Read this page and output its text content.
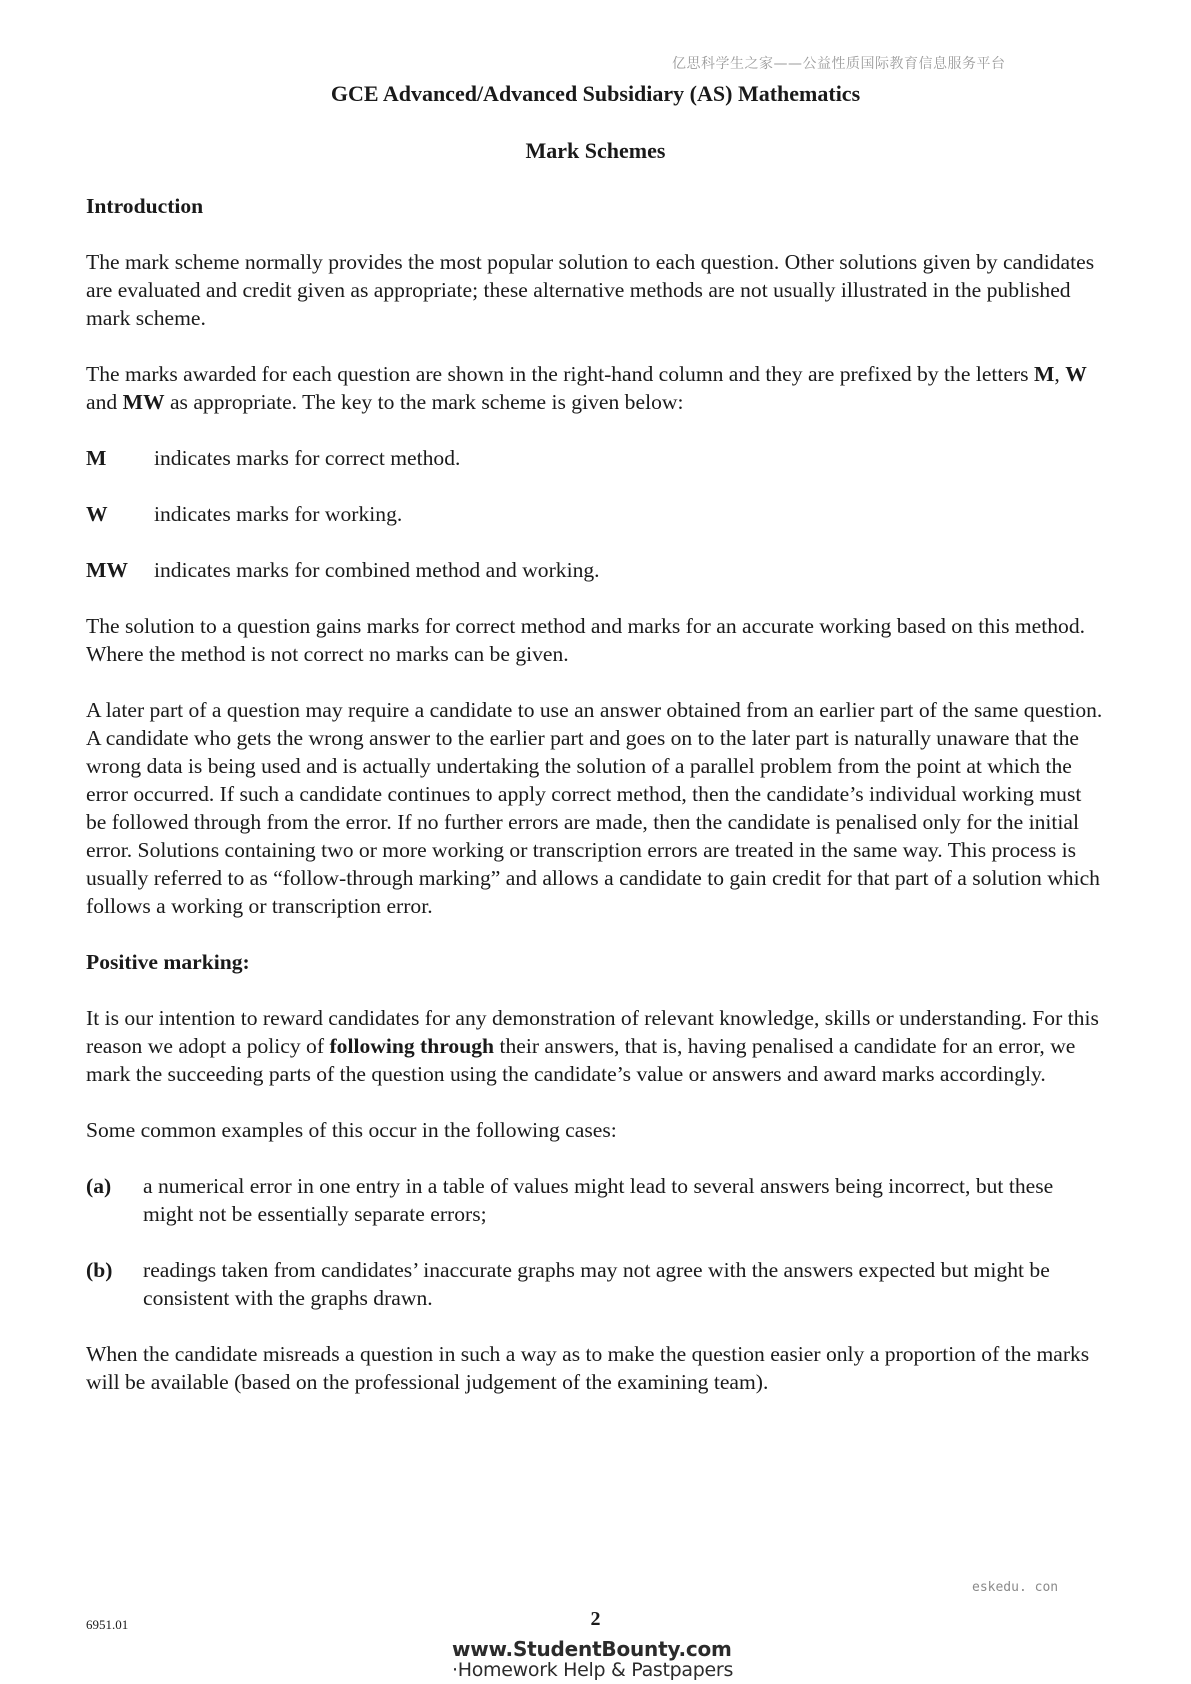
亿思科学生之家——公益性质国际教育信息服务平台
GCE Advanced/Advanced Subsidiary (AS) Mathematics
Mark Schemes
Introduction

The mark scheme normally provides the most popular solution to each question. Other solutions given by candidates are evaluated and credit given as appropriate; these alternative methods are not usually illustrated in the published mark scheme.

The marks awarded for each question are shown in the right-hand column and they are prefixed by the letters M, W and MW as appropriate. The key to the mark scheme is given below:

M	indicates marks for correct method.
W	indicates marks for working.
MW	indicates marks for combined method and working.

The solution to a question gains marks for correct method and marks for an accurate working based on this method. Where the method is not correct no marks can be given.

A later part of a question may require a candidate to use an answer obtained from an earlier part of the same question. A candidate who gets the wrong answer to the earlier part and goes on to the later part is naturally unaware that the wrong data is being used and is actually undertaking the solution of a parallel problem from the point at which the error occurred. If such a candidate continues to apply correct method, then the candidate’s individual working must be followed through from the error. If no further errors are made, then the candidate is penalised only for the initial error. Solutions containing two or more working or transcription errors are treated in the same way. This process is usually referred to as “follow-through marking” and allows a candidate to gain credit for that part of a solution which follows a working or transcription error.

Positive marking:

It is our intention to reward candidates for any demonstration of relevant knowledge, skills or understanding. For this reason we adopt a policy of following through their answers, that is, having penalised a candidate for an error, we mark the succeeding parts of the question using the candidate’s value or answers and award marks accordingly.

Some common examples of this occur in the following cases:

(a)	a numerical error in one entry in a table of values might lead to several answers being incorrect, but these might not be essentially separate errors;
(b)	readings taken from candidates’ inaccurate graphs may not agree with the answers expected but might be consistent with the graphs drawn.

When the candidate misreads a question in such a way as to make the question easier only a proportion of the marks will be available (based on the professional judgement of the examining team).

eskedu. con
6951.01	2
www.StudentBounty.com
·Homework Help & Pastpapers
